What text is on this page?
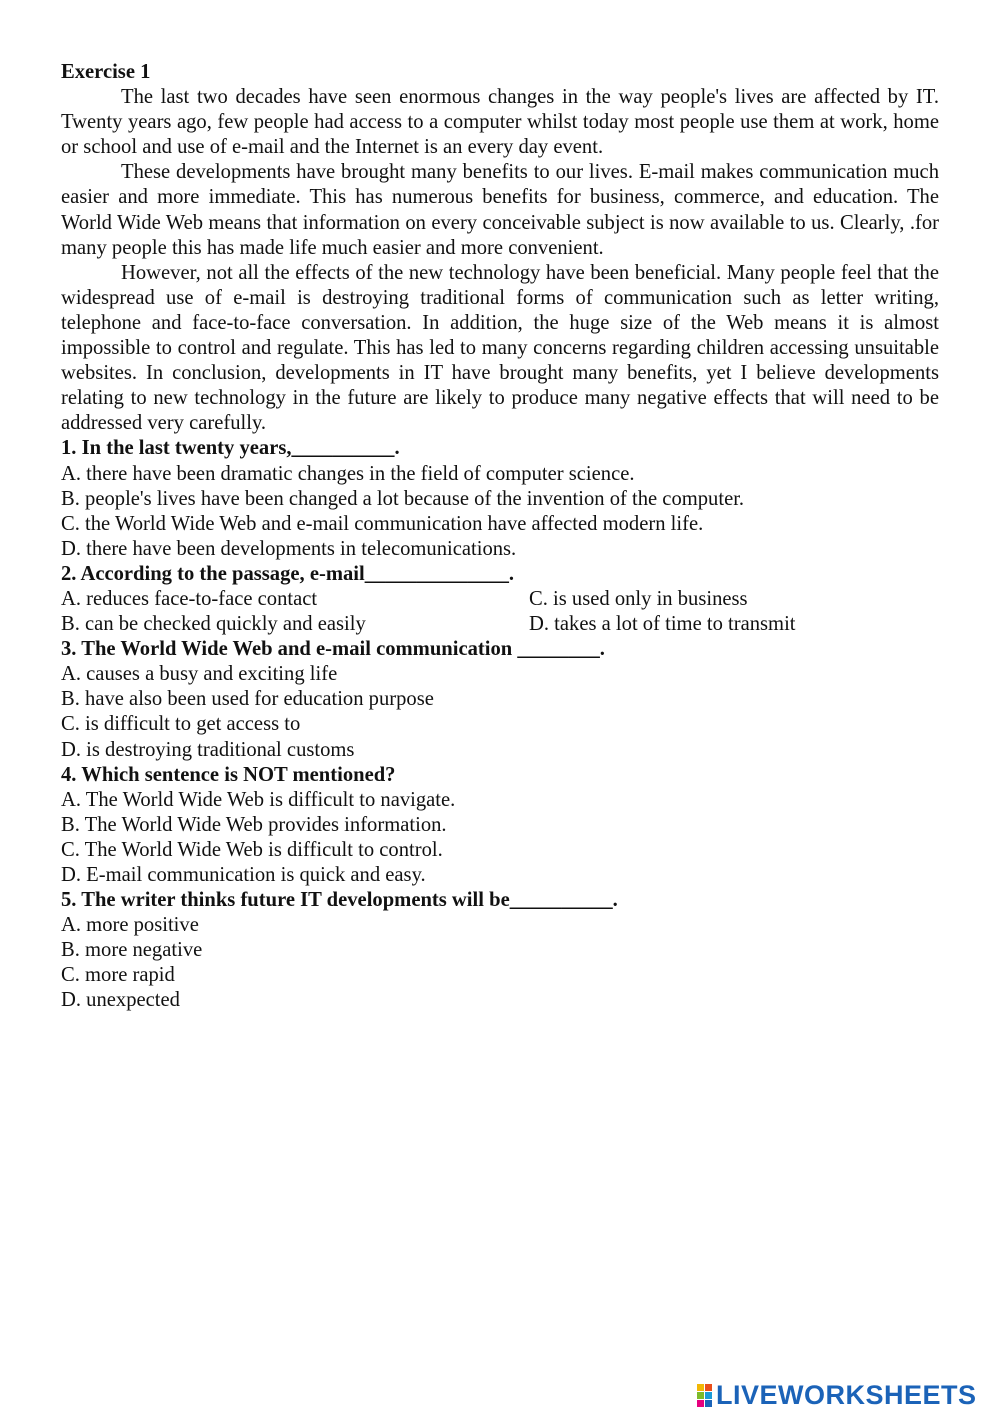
Exercise 1

The last two decades have seen enormous changes in the way people's lives are affected by IT. Twenty years ago, few people had access to a computer whilst today most people use them at work, home or school and use of e-mail and the Internet is an every day event.

These developments have brought many benefits to our lives. E-mail makes communication much easier and more immediate. This has numerous benefits for business, commerce, and education. The World Wide Web means that information on every conceivable subject is now available to us. Clearly, .for many people this has made life much easier and more convenient.

However, not all the effects of the new technology have been beneficial. Many people feel that the widespread use of e-mail is destroying traditional forms of communication such as letter writing, telephone and face-to-face conversation. In addition, the huge size of the Web means it is almost impossible to control and regulate. This has led to many concerns regarding children accessing unsuitable websites. In conclusion, developments in IT have brought many benefits, yet I believe developments relating to new technology in the future are likely to produce many negative effects that will need to be addressed very carefully.

1. In the last twenty years,__________.

A. there have been dramatic changes in the field of computer science.

B. people's lives have been changed a lot because of the invention of the computer.

C. the World Wide Web and e-mail communication have affected modern life.

D. there have been developments in telecomunications.

2. According to the passage, e-mail______________.

A. reduces face-to-face contact	C. is used only in business

B. can be checked quickly and easily	D. takes a lot of time to transmit

3. The World Wide Web and e-mail communication ________.

A. causes a busy and exciting life

B. have also been used for education purpose

C. is difficult to get access to

D. is destroying traditional customs

4. Which sentence is NOT mentioned?

A. The World Wide Web is difficult to navigate.

B. The World Wide Web provides information.

C. The World Wide Web is difficult to control.

D. E-mail communication is quick and easy.

5. The writer thinks future IT developments will be__________.

A. more positive

B. more negative

C. more rapid

D. unexpected

LIVEWORKSHEETS
